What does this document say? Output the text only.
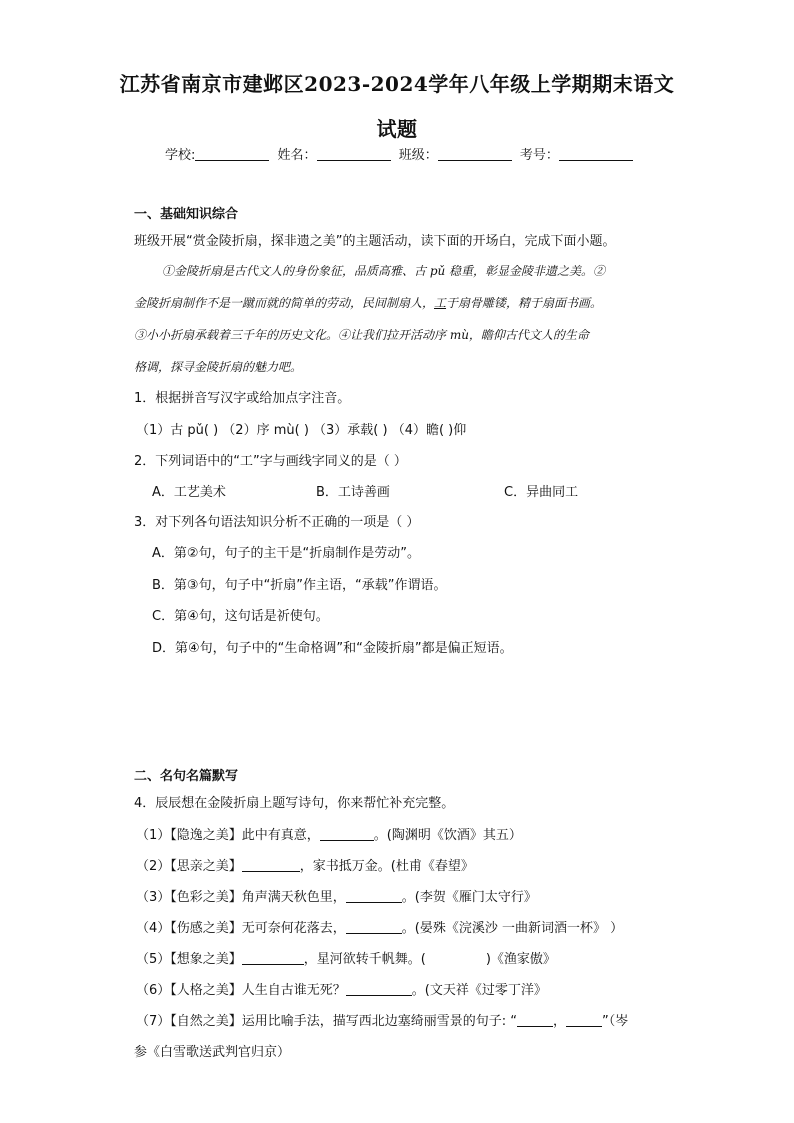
江苏省南京市建邺区2023-2024学年八年级上学期期末语文
试题
学校:	姓名：	班级：	考号：
一、基础知识综合
班级开展“赏金陵折扇，探非遗之美”的主题活动，读下面的开场白，完成下面小题。
①金陵折扇是古代文人的身份象征，品质高雅、古 pǔ 稳重，彰显金陵非遗之美。②
金陵折扇制作不是一蹴而就的简单的劳动，民间制扇人，工于扇骨雕镂，精于扇面书画。
③小小折扇承载着三千年的历史文化。④让我们拉开活动序 mù，瞻仰古代文人的生命
格调，探寻金陵折扇的魅力吧。
1．根据拼音写汉字或给加点字注音。
（1）古 pǔ( ) （2）序 mù( ) （3）承载( ) （4）瞻( )仰
2．下列词语中的“工”字与画线字同义的是（ ）
A．工艺美术	B．工诗善画	C．异曲同工
3．对下列各句语法知识分析不正确的一项是（ ）
A．第②句，句子的主干是“折扇制作是劳动”。
B．第③句，句子中“折扇”作主语，“承载”作谓语。
C．第④句，这句话是祈使句。
D．第④句，句子中的“生命格调”和“金陵折扇”都是偏正短语。
二、名句名篇默写
4．辰辰想在金陵折扇上题写诗句，你来帮忙补充完整。
（1）【隐逸之美】此中有真意，	。(陶渊明《饮酒》其五）
（2）【思亲之美】	，家书抵万金。(杜甫《春望》
（3）【色彩之美】角声满天秋色里，	。(李贺《雁门太守行》
（4）【伤感之美】无可奈何花落去，	。(晏殊《浣溪沙 一曲新词酒一杯》 ）
（5）【想象之美】	，星河欲转千帆舞。(	)《渔家傲》
（6）【人格之美】人生自古谁无死？	。(文天祥《过零丁洋》
（7）【自然之美】运用比喻手法，描写西北边塞绮丽雪景的句子: “	，	”（岑
参《白雪歌送武判官归京）
